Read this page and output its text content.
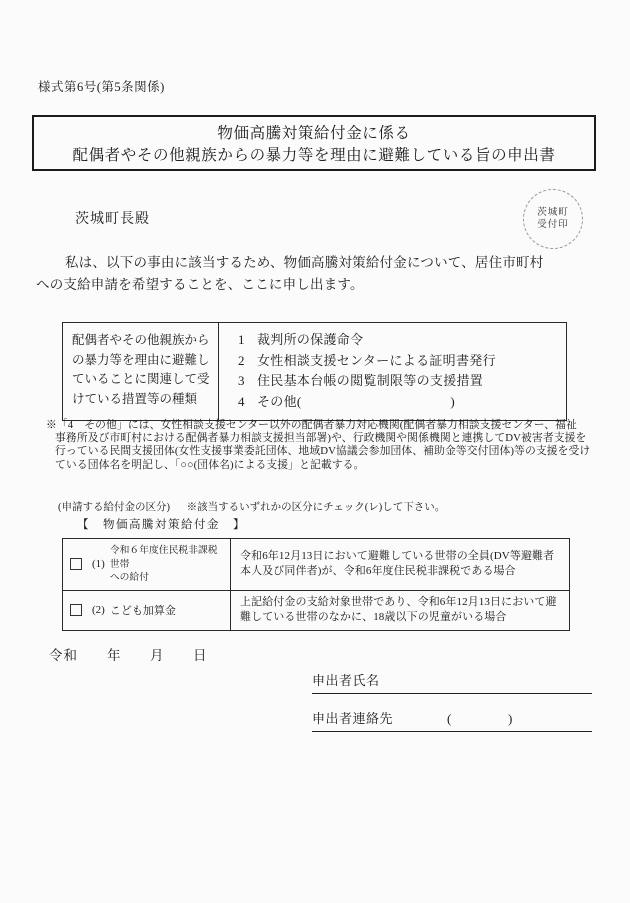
様式第6号(第5条関係)
物価高騰対策給付金に係る
配偶者やその他親族からの暴力等を理由に避難している旨の申出書
茨城町長殿	茨城町
受付印
私は、以下の事由に該当するため、物価高騰対策給付金について、居住市町村
への支給申請を希望することを、ここに申し出ます。
配偶者やその他親族からの暴力等を理由に避難していることに関連して受けている措置等の種類
1 裁判所の保護命令
2 女性相談支援センターによる証明書発行
3 住民基本台帳の閲覧制限等の支援措置
4 その他(	)
※「4　その他」には、女性相談支援センター以外の配偶者暴力対応機関(配偶者暴力相談支援センター、福祉
事務所及び市町村における配偶者暴力相談支援担当部署)や、行政機関や関係機関と連携してDV被害者支援を
行っている民間支援団体(女性支援事業委託団体、地域DV協議会参加団体、補助金等交付団体)等の支援を受け
ている団体名を明記し、「○○(団体名)による支援」と記載する。
(申請する給付金の区分) ※該当するいずれかの区分にチェック(レ)して下さい。
【　物価高騰対策給付金　】
(1)
令和６年度住民税非課税世帯
への給付
令和6年12月13日において避難している世帯の全員(DV等避難者本人及び同伴者)が、令和6年度住民税非課税である場合
(2) こども加算金
上記給付金の支給対象世帯であり、令和6年12月13日において避難している世帯のなかに、18歳以下の児童がいる場合
令和 年 月 日
申出者氏名
申出者連絡先	(	)
